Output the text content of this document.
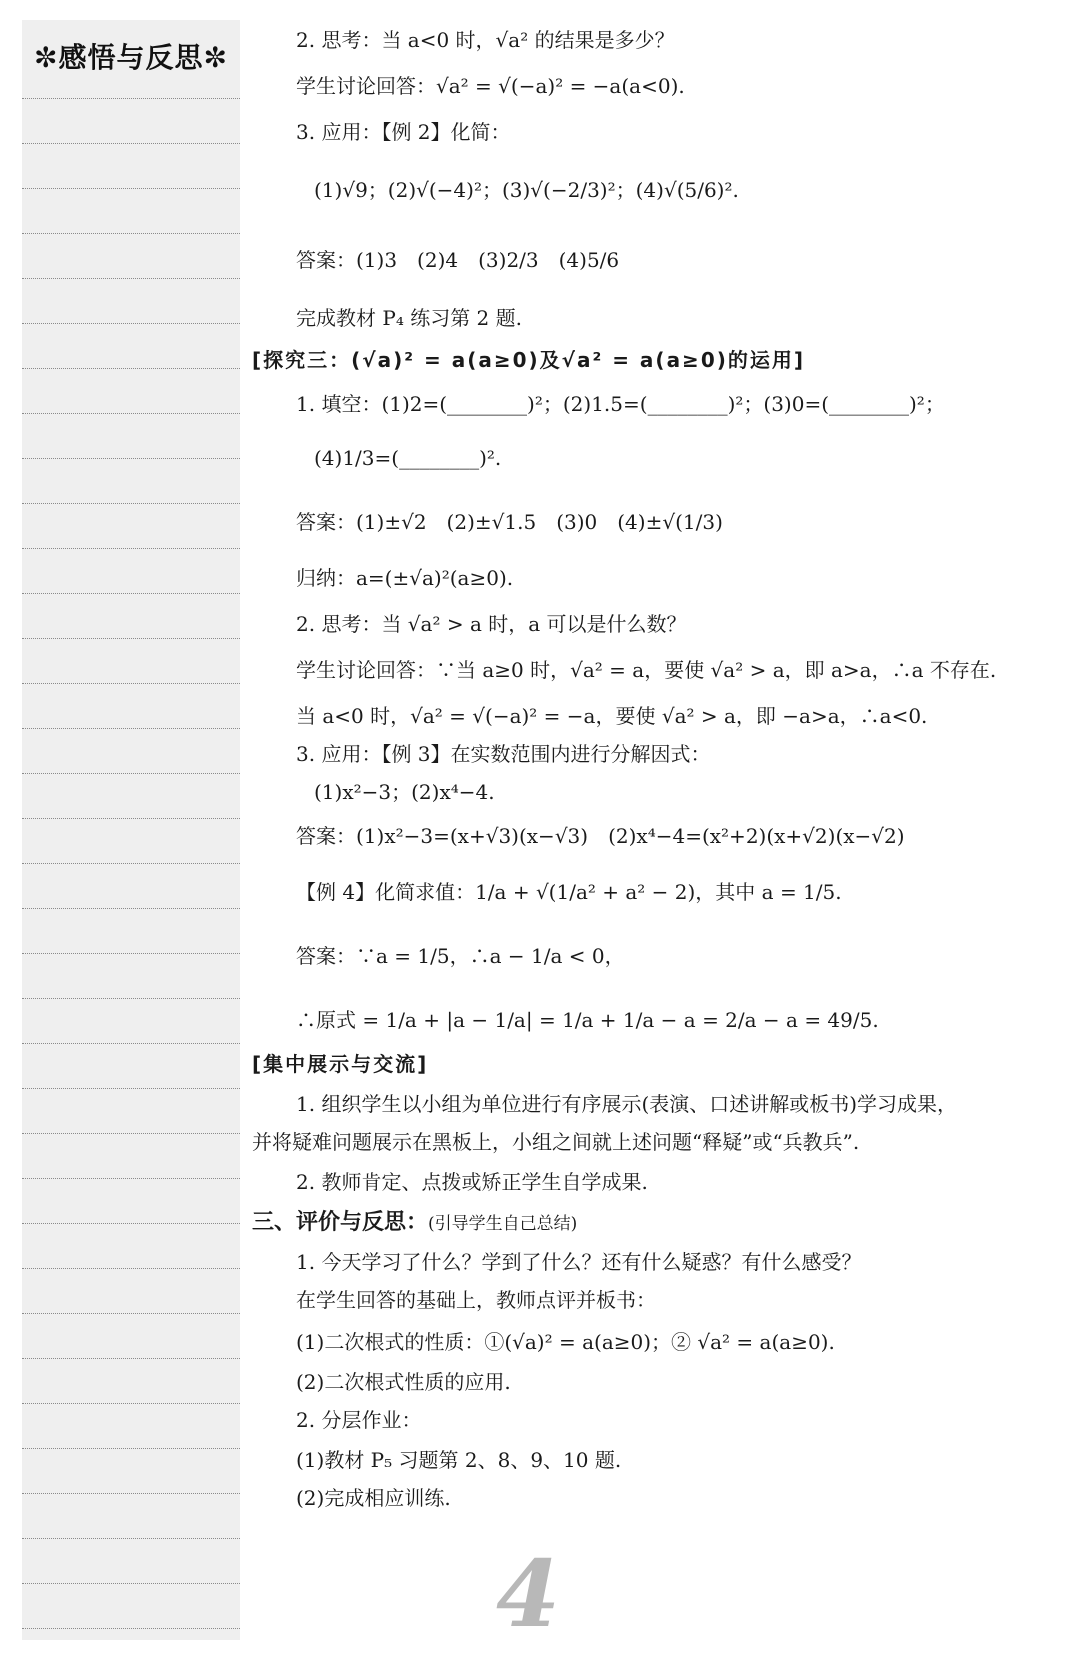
✼感悟与反思✼
2. 思考：当 a<0 时，√a² 的结果是多少？
学生讨论回答：√a² = √(−a)² = −a(a<0).
3. 应用：【例 2】化简：
(1)√9；(2)√(−4)²；(3)√(−2/3)²；(4)√(5/6)².
答案：(1)3　(2)4　(3)2/3　(4)5/6
完成教材 P₄ 练习第 2 题.
[探究三：(√a)² = a(a≥0)及√a² = a(a≥0)的运用]
1. 填空：(1)2=(________)²；(2)1.5=(________)²；(3)0=(________)²；
(4)1/3=(________)².
答案：(1)±√2　(2)±√1.5　(3)0　(4)±√(1/3)
归纳：a=(±√a)²(a≥0).
2. 思考：当 √a² > a 时，a 可以是什么数？
学生讨论回答：∵当 a≥0 时，√a² = a，要使 √a² > a，即 a>a，∴a 不存在.
当 a<0 时，√a² = √(−a)² = −a，要使 √a² > a，即 −a>a，∴a<0.
3. 应用：【例 3】在实数范围内进行分解因式：
(1)x²−3；(2)x⁴−4.
答案：(1)x²−3=(x+√3)(x−√3)　(2)x⁴−4=(x²+2)(x+√2)(x−√2)
【例 4】化简求值：1/a + √(1/a² + a² − 2)，其中 a = 1/5.
答案：∵a = 1/5，∴a − 1/a < 0，
∴原式 = 1/a + |a − 1/a| = 1/a + 1/a − a = 2/a − a = 49/5.
[集中展示与交流]
1. 组织学生以小组为单位进行有序展示(表演、口述讲解或板书)学习成果，
并将疑难问题展示在黑板上，小组之间就上述问题“释疑”或“兵教兵”.
2. 教师肯定、点拨或矫正学生自学成果.
三、评价与反思：(引导学生自己总结)
1. 今天学习了什么？学到了什么？还有什么疑惑？有什么感受？
在学生回答的基础上，教师点评并板书：
(1)二次根式的性质：①(√a)² = a(a≥0)；② √a² = a(a≥0).
(2)二次根式性质的应用.
2. 分层作业：
(1)教材 P₅ 习题第 2、8、9、10 题.
(2)完成相应训练.
4
